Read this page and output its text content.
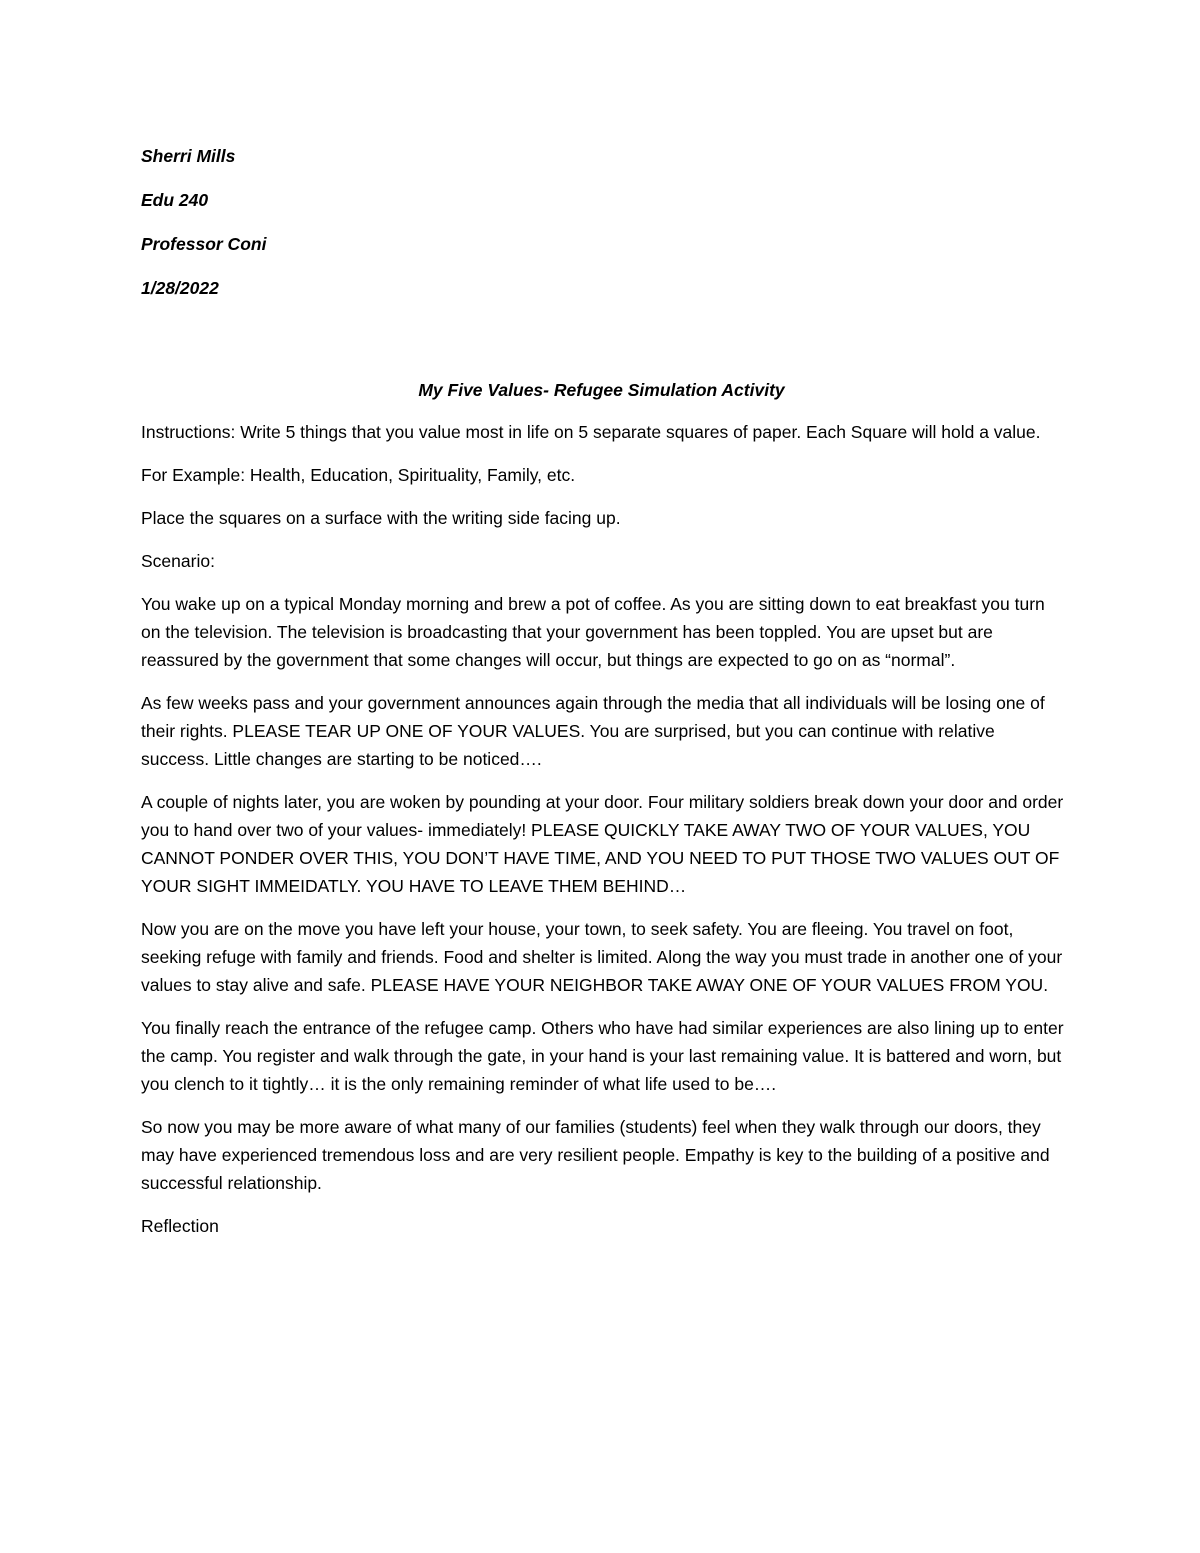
Sherri Mills
Edu 240
Professor Coni
1/28/2022
My Five Values- Refugee Simulation Activity

Instructions: Write 5 things that you value most in life on 5 separate squares of paper. Each Square will hold a value.

For Example: Health, Education, Spirituality, Family, etc.

Place the squares on a surface with the writing side facing up.

Scenario:

You wake up on a typical Monday morning and brew a pot of coffee. As you are sitting down to eat breakfast you turn on the television. The television is broadcasting that your government has been toppled. You are upset but are reassured by the government that some changes will occur, but things are expected to go on as “normal”.

As few weeks pass and your government announces again through the media that all individuals will be losing one of their rights. PLEASE TEAR UP ONE OF YOUR VALUES. You are surprised, but you can continue with relative success. Little changes are starting to be noticed….

A couple of nights later, you are woken by pounding at your door. Four military soldiers break down your door and order you to hand over two of your values- immediately! PLEASE QUICKLY TAKE AWAY TWO OF YOUR VALUES, YOU CANNOT PONDER OVER THIS, YOU DON’T HAVE TIME, AND YOU NEED TO PUT THOSE TWO VALUES OUT OF YOUR SIGHT IMMEIDATLY. YOU HAVE TO LEAVE THEM BEHIND…

Now you are on the move you have left your house, your town, to seek safety. You are fleeing. You travel on foot, seeking refuge with family and friends. Food and shelter is limited. Along the way you must trade in another one of your values to stay alive and safe. PLEASE HAVE YOUR NEIGHBOR TAKE AWAY ONE OF YOUR VALUES FROM YOU.

You finally reach the entrance of the refugee camp. Others who have had similar experiences are also lining up to enter the camp. You register and walk through the gate, in your hand is your last remaining value. It is battered and worn, but you clench to it tightly… it is the only remaining reminder of what life used to be….

So now you may be more aware of what many of our families (students) feel when they walk through our doors, they may have experienced tremendous loss and are very resilient people. Empathy is key to the building of a positive and successful relationship.

Reflection
